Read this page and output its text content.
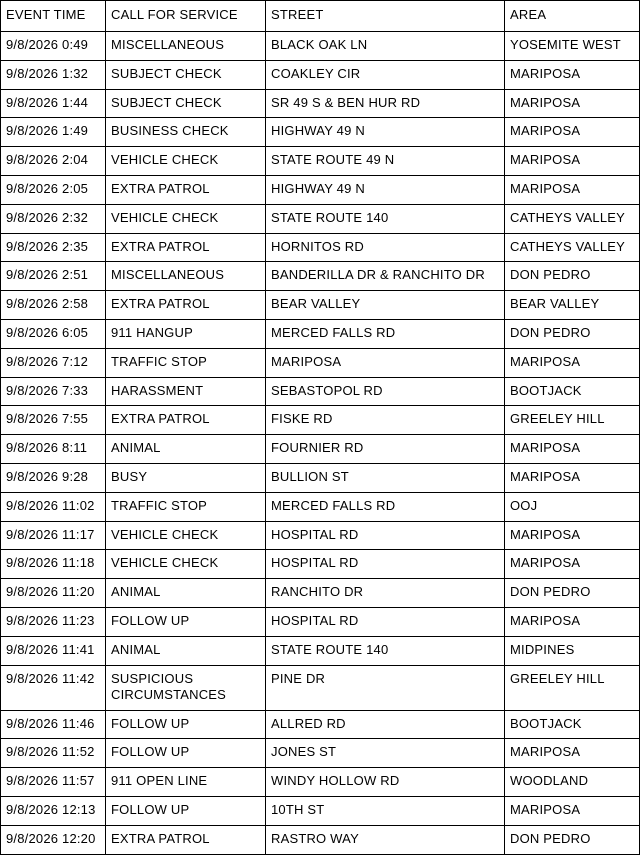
EVENT TIME	CALL FOR SERVICE	STREET	AREA
9/8/2026 0:49	MISCELLANEOUS	BLACK OAK LN	YOSEMITE WEST
9/8/2026 1:32	SUBJECT CHECK	COAKLEY CIR	MARIPOSA
9/8/2026 1:44	SUBJECT CHECK	SR 49 S & BEN HUR RD	MARIPOSA
9/8/2026 1:49	BUSINESS CHECK	HIGHWAY 49 N	MARIPOSA
9/8/2026 2:04	VEHICLE CHECK	STATE ROUTE 49 N	MARIPOSA
9/8/2026 2:05	EXTRA PATROL	HIGHWAY 49 N	MARIPOSA
9/8/2026 2:32	VEHICLE CHECK	STATE ROUTE 140	CATHEYS VALLEY
9/8/2026 2:35	EXTRA PATROL	HORNITOS RD	CATHEYS VALLEY
9/8/2026 2:51	MISCELLANEOUS	BANDERILLA DR & RANCHITO DR	DON PEDRO
9/8/2026 2:58	EXTRA PATROL	BEAR VALLEY	BEAR VALLEY
9/8/2026 6:05	911 HANGUP	MERCED FALLS RD	DON PEDRO
9/8/2026 7:12	TRAFFIC STOP	MARIPOSA	MARIPOSA
9/8/2026 7:33	HARASSMENT	SEBASTOPOL RD	BOOTJACK
9/8/2026 7:55	EXTRA PATROL	FISKE RD	GREELEY HILL
9/8/2026 8:11	ANIMAL	FOURNIER RD	MARIPOSA
9/8/2026 9:28	BUSY	BULLION ST	MARIPOSA
9/8/2026 11:02	TRAFFIC STOP	MERCED FALLS RD	OOJ
9/8/2026 11:17	VEHICLE CHECK	HOSPITAL RD	MARIPOSA
9/8/2026 11:18	VEHICLE CHECK	HOSPITAL RD	MARIPOSA
9/8/2026 11:20	ANIMAL	RANCHITO DR	DON PEDRO
9/8/2026 11:23	FOLLOW UP	HOSPITAL RD	MARIPOSA
9/8/2026 11:41	ANIMAL	STATE ROUTE 140	MIDPINES
9/8/2026 11:42	SUSPICIOUS CIRCUMSTANCES	PINE DR	GREELEY HILL
9/8/2026 11:46	FOLLOW UP	ALLRED RD	BOOTJACK
9/8/2026 11:52	FOLLOW UP	JONES ST	MARIPOSA
9/8/2026 11:57	911 OPEN LINE	WINDY HOLLOW RD	WOODLAND
9/8/2026 12:13	FOLLOW UP	10TH ST	MARIPOSA
9/8/2026 12:20	EXTRA PATROL	RASTRO WAY	DON PEDRO
